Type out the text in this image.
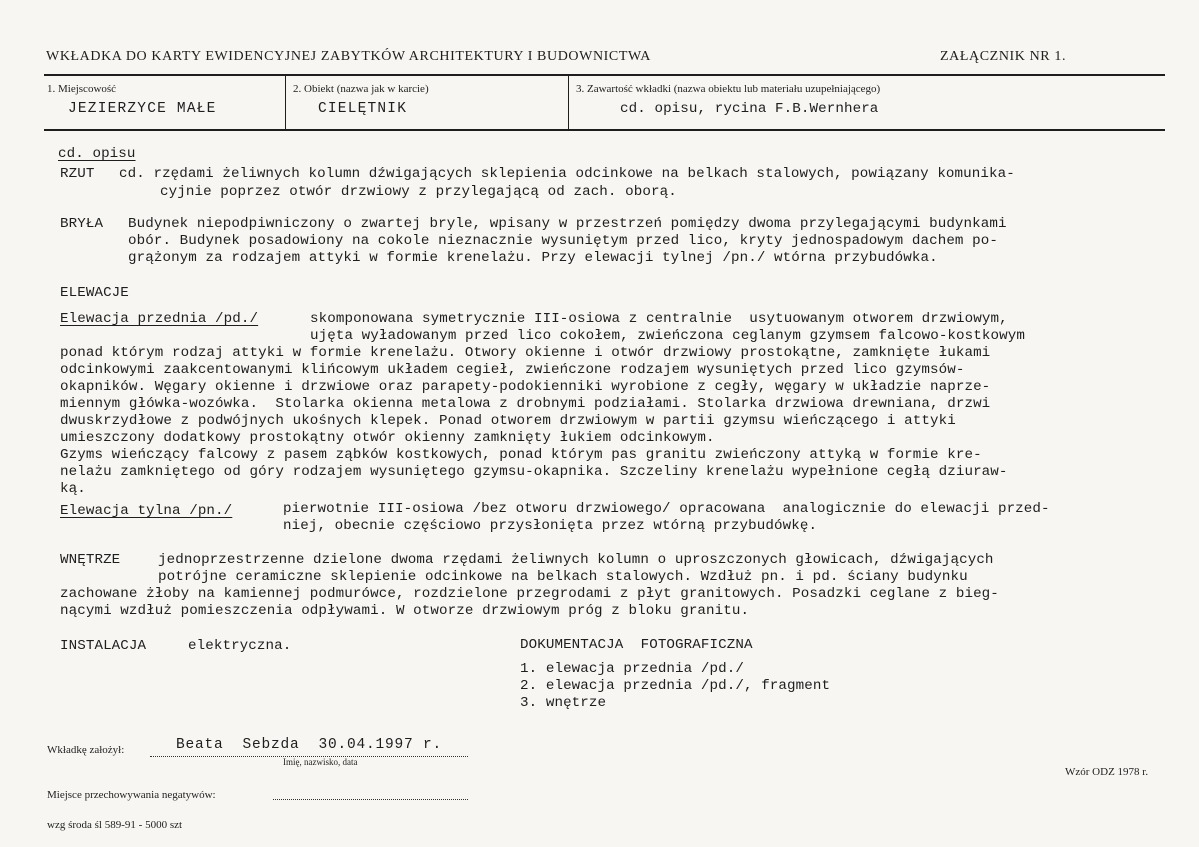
WKŁADKA DO KARTY EWIDENCYJNEJ ZABYTKÓW ARCHITEKTURY I BUDOWNICTWA	ZAŁĄCZNIK NR 1.
1. Miejscowość
JEZIERZYCE MAŁE
2. Obiekt (nazwa jak w karcie)
CIELĘTNIK
3. Zawartość wkładki (nazwa obiektu lub materiału uzupełniającego)
cd. opisu, rycina F.B.Wernhera
cd. opisu
RZUT cd. rzędami żeliwnych kolumn dźwigających sklepienia odcinkowe na belkach stalowych, powiązany komunika-
cyjnie poprzez otwór drzwiowy z przylegającą od zach. oborą.
BRYŁA Budynek niepodpiwniczony o zwartej bryle, wpisany w przestrzeń pomiędzy dwoma przylegającymi budynkami
obór. Budynek posadowiony na cokole nieznacznie wysuniętym przed lico, kryty jednospadowym dachem po-
grążonym za rodzajem attyki w formie krenelażu. Przy elewacji tylnej /pn./ wtórna przybudówka.
ELEWACJE
Elewacja przednia /pd./	skomponowana symetrycznie III-osiowa z centralnie  usytuowanym otworem drzwiowym,
ujęta wyładowanym przed lico cokołem, zwieńczona ceglanym gzymsem falcowo-kostkowym
ponad którym rodzaj attyki w formie krenelażu. Otwory okienne i otwór drzwiowy prostokątne, zamknięte łukami
odcinkowymi zaakcentowanymi klińcowym układem cegieł, zwieńczone rodzajem wysuniętych przed lico gzymsów-
okapników. Węgary okienne i drzwiowe oraz parapety-podokienniki wyrobione z cegły, węgary w układzie naprze-
miennym główka-wozówka.  Stolarka okienna metalowa z drobnymi podziałami. Stolarka drzwiowa drewniana, drzwi
dwuskrzydłowe z podwójnych ukośnych klepek. Ponad otworem drzwiowym w partii gzymsu wieńczącego i attyki
umieszczony dodatkowy prostokątny otwór okienny zamknięty łukiem odcinkowym.
Gzyms wieńczący falcowy z pasem ząbków kostkowych, ponad którym pas granitu zwieńczony attyką w formie kre-
nelażu zamkniętego od góry rodzajem wysuniętego gzymsu-okapnika. Szczeliny krenelażu wypełnione cegłą dziuraw-
ką.
Elewacja tylna /pn./	pierwotnie III-osiowa /bez otworu drzwiowego/ opracowana  analogicznie do elewacji przed-
niej, obecnie częściowo przysłonięta przez wtórną przybudówkę.
WNĘTRZE	jednoprzestrzenne dzielone dwoma rzędami żeliwnych kolumn o uproszczonych głowicach, dźwigających
potrójne ceramiczne sklepienie odcinkowe na belkach stalowych. Wzdłuż pn. i pd. ściany budynku
zachowane żłoby na kamiennej podmurówce, rozdzielone przegrodami z płyt granitowych. Posadzki ceglane z bieg-
nącymi wzdłuż pomieszczenia odpływami. W otworze drzwiowym próg z bloku granitu.
INSTALACJA	elektryczna.	DOKUMENTACJA  FOTOGRAFICZNA
1. elewacja przednia /pd./
2. elewacja przednia /pd./, fragment
3. wnętrze
Wkładkę założył:	Beata  Sebzda  30.04.1997 r.
Imię, nazwisko, data
Wzór ODZ 1978 r.
Miejsce przechowywania negatywów:
wzg środa śl 589-91 - 5000 szt
